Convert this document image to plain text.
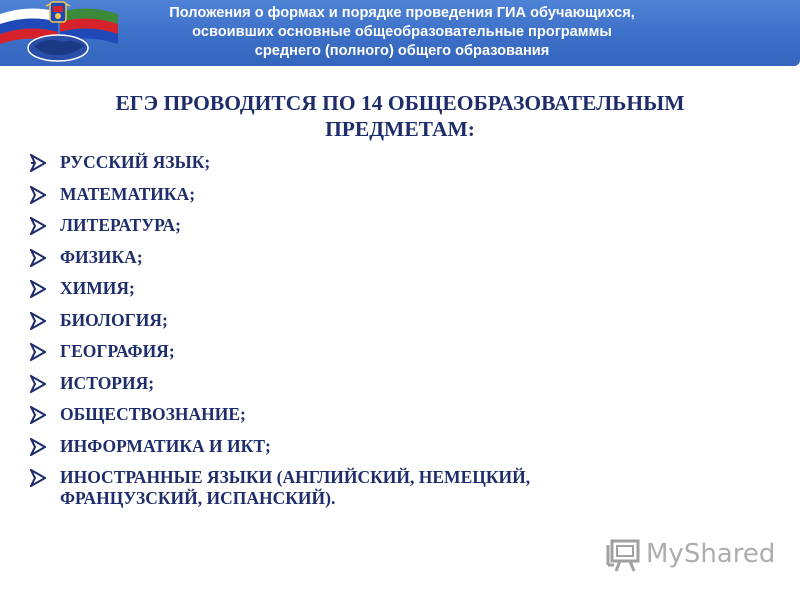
Положения о формах и порядке проведения ГИА обучающихся,
освоивших основные общеобразовательные программы
среднего (полного) общего образования
ЕГЭ ПРОВОДИТСЯ ПО 14 ОБЩЕОБРАЗОВАТЕЛЬНЫМ
ПРЕДМЕТАМ:
РУССКИЙ ЯЗЫК;
МАТЕМАТИКА;
ЛИТЕРАТУРА;
ФИЗИКА;
ХИМИЯ;
БИОЛОГИЯ;
ГЕОГРАФИЯ;
ИСТОРИЯ;
ОБЩЕСТВОЗНАНИЕ;
ИНФОРМАТИКА И ИКТ;
ИНОСТРАННЫЕ ЯЗЫКИ (АНГЛИЙСКИЙ, НЕМЕЦКИЙ,
ФРАНЦУЗСКИЙ, ИСПАНСКИЙ).
MyShared
